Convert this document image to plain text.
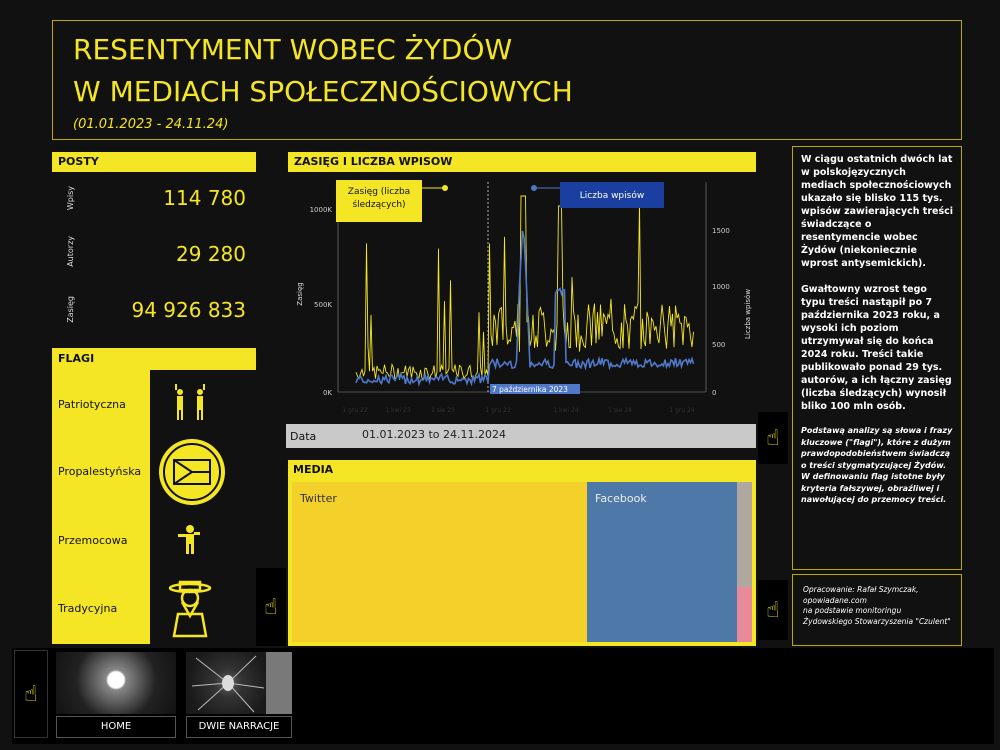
RESENTYMENT WOBEC ŻYDÓW
W MEDIACH SPOŁECZNOŚCIOWYCH
(01.01.2023 - 24.11.24)
POSTY
Wpisy	114 780
Autorzy	29 280
Zasięg	94 926 833
FLAGI
Patriotyczna
Propalestyńska
Przemocowa
Tradycyjna
ZASIĘG I LICZBA WPISOW
1000K
500K
0K
1500
1000
500
0
1 gru 22	1 kwi 23	1 sie 23	1 gru 23	1 kwi 24	1 sie 24	1 gru 24
Zasięg	Liczba wpisów
7 października 2023
Zasięg (liczba
śledzących)
Liczba wpisów
Data	01.01.2023 to 24.11.2024
MEDIA
Twitter	Facebook
W ciągu ostatnich dwóch lat w polskojęzycznych mediach społecznościowych ukazało się blisko 115 tys. wpisów zawierających treści świadczące o resentymencie wobec Żydów (niekoniecznie wprost antysemickich).
Gwałtowny wzrost tego typu treści nastąpił po 7 października 2023 roku, a wysoki ich poziom utrzymywał się do końca 2024 roku. Treści takie publikowało ponad 29 tys. autorów, a ich łączny zasięg (liczba śledzących) wynosił bliko 100 mln osób.
Podstawą analizy są słowa i frazy kluczowe ("flagi"), które z dużym prawdopodobieństwem świadczą o treści stygmatyzującej Żydów. W definowaniu flag istotne były kryteria fałszywej, obraźliwej i nawołującej do przemocy treści.
Opracowanie: Rafał Szymczak,
opowiadane.com
na podstawie monitoringu
Żydowskiego Stowarzyszenia "Czulent"
☝
☝	☝
☝
HOME	DWIE NARRACJE
